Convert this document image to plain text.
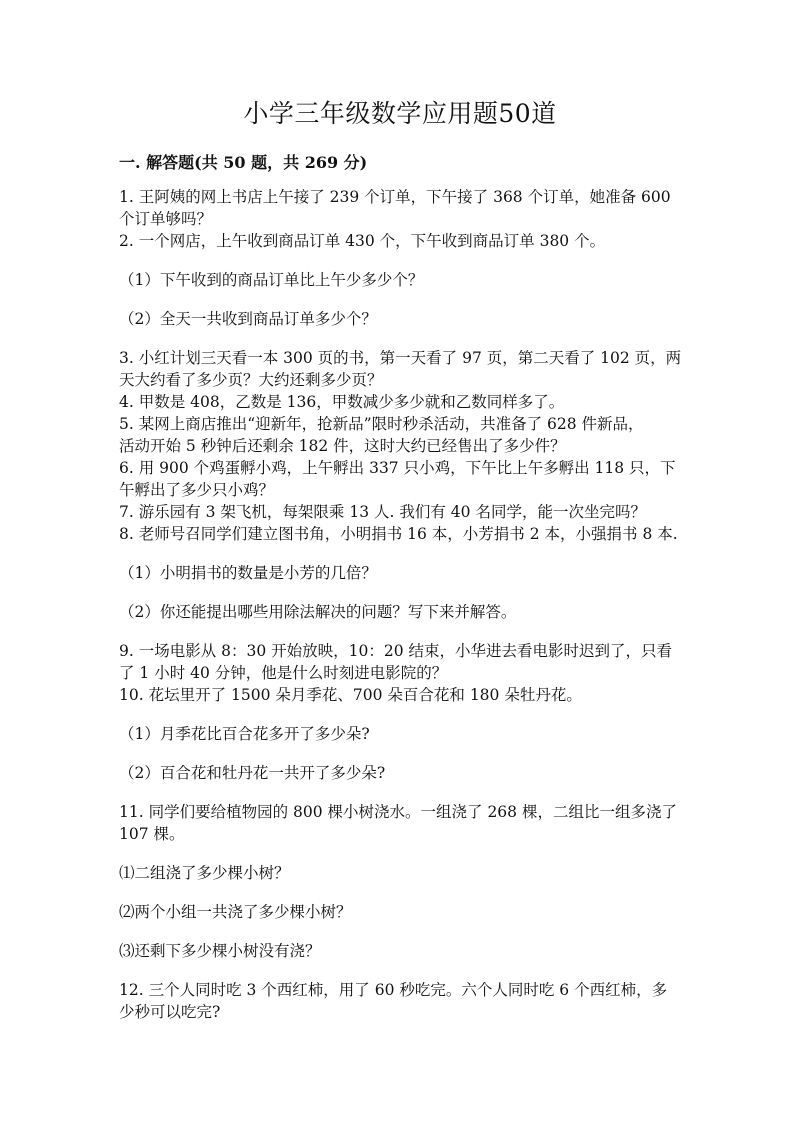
小学三年级数学应用题50道
一. 解答题(共 50 题，共 269 分)
1. 王阿姨的网上书店上午接了 239 个订单，下午接了 368 个订单，她准备 600
个订单够吗？
2. 一个网店，上午收到商品订单 430 个，下午收到商品订单 380 个。
（1）下午收到的商品订单比上午少多少个？
（2）全天一共收到商品订单多少个？
3. 小红计划三天看一本 300 页的书，第一天看了 97 页，第二天看了 102 页，两
天大约看了多少页？大约还剩多少页？
4. 甲数是 408，乙数是 136，甲数减少多少就和乙数同样多了。
5. 某网上商店推出“迎新年，抢新品”限时秒杀活动，共准备了 628 件新品，
活动开始 5 秒钟后还剩余 182 件，这时大约已经售出了多少件？
6. 用 900 个鸡蛋孵小鸡，上午孵出 337 只小鸡，下午比上午多孵出 118 只，下
午孵出了多少只小鸡？
7. 游乐园有 3 架飞机，每架限乘 13 人. 我们有 40 名同学，能一次坐完吗？
8. 老师号召同学们建立图书角，小明捐书 16 本，小芳捐书 2 本，小强捐书 8 本.
（1）小明捐书的数量是小芳的几倍？
（2）你还能提出哪些用除法解决的问题？写下来并解答。
9. 一场电影从 8：30 开始放映，10：20 结束，小华进去看电影时迟到了，只看
了 1 小时 40 分钟，他是什么时刻进电影院的？
10. 花坛里开了 1500 朵月季花、700 朵百合花和 180 朵牡丹花。
（1）月季花比百合花多开了多少朵?
（2）百合花和牡丹花一共开了多少朵?
11. 同学们要给植物园的 800 棵小树浇水。一组浇了 268 棵，二组比一组多浇了
107 棵。
⑴二组浇了多少棵小树？
⑵两个小组一共浇了多少棵小树？
⑶还剩下多少棵小树没有浇？
12. 三个人同时吃 3 个西红柿，用了 60 秒吃完。六个人同时吃 6 个西红柿，多
少秒可以吃完?
